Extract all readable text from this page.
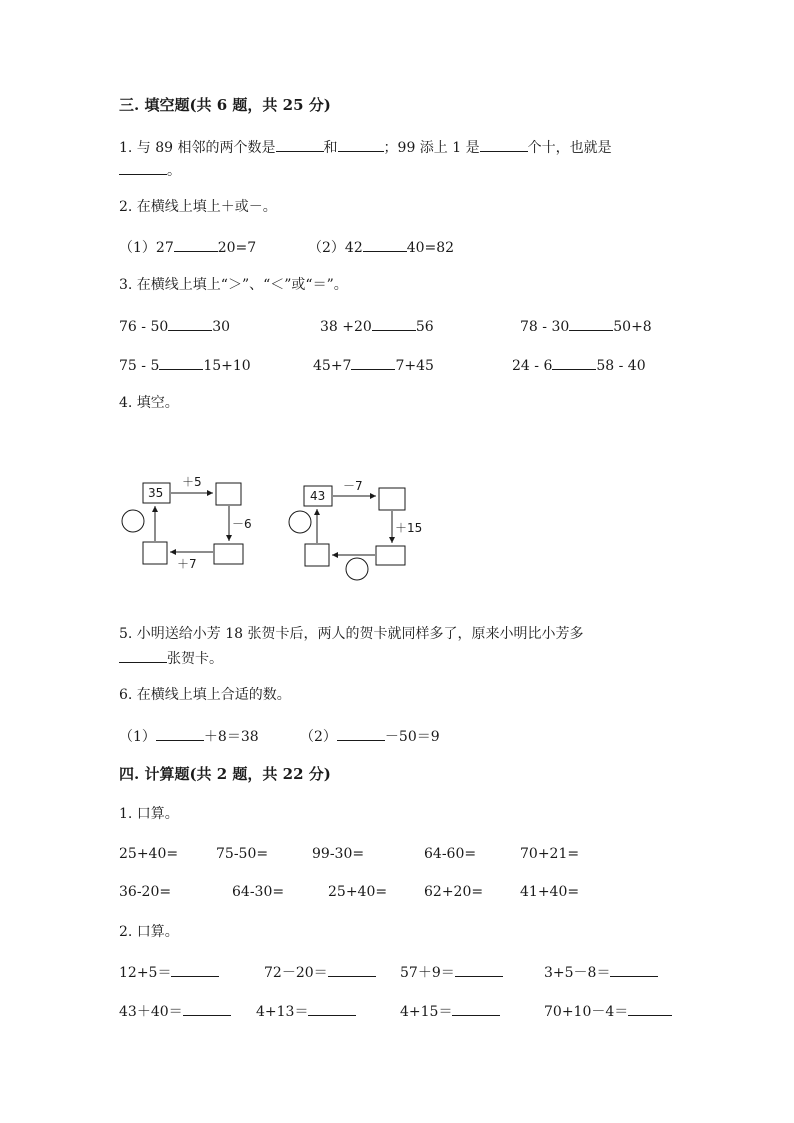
三. 填空题(共 6 题，共 25 分)
1. 与 89 相邻的两个数是	和	；99 添上 1 是	个十，也就是
。
2. 在横线上填上＋或－。
（1）27	20=7	（2）42	40=82
3. 在横线上填上“＞”、“＜”或“＝”。
76 - 50	30	38 +20	56	78 - 30	50+8
75 - 5	15+10	45+7	7+45	24 - 6	58 - 40
4. 填空。
35
＋5
－6
＋7
43
－7
＋15
5. 小明送给小芳 18 张贺卡后，两人的贺卡就同样多了，原来小明比小芳多
张贺卡。
6. 在横线上填上合适的数。
（1）	＋8＝38	（2）	－50＝9
四. 计算题(共 2 题，共 22 分)
1. 口算。
25+40=	75-50=	99-30=	64-60=	70+21=
36-20=	64-30=	25+40=	62+20=	41+40=
2. 口算。
12+5＝	72－20＝	57＋9＝	3+5－8＝
43＋40＝	4+13＝	4+15＝	70+10－4＝
